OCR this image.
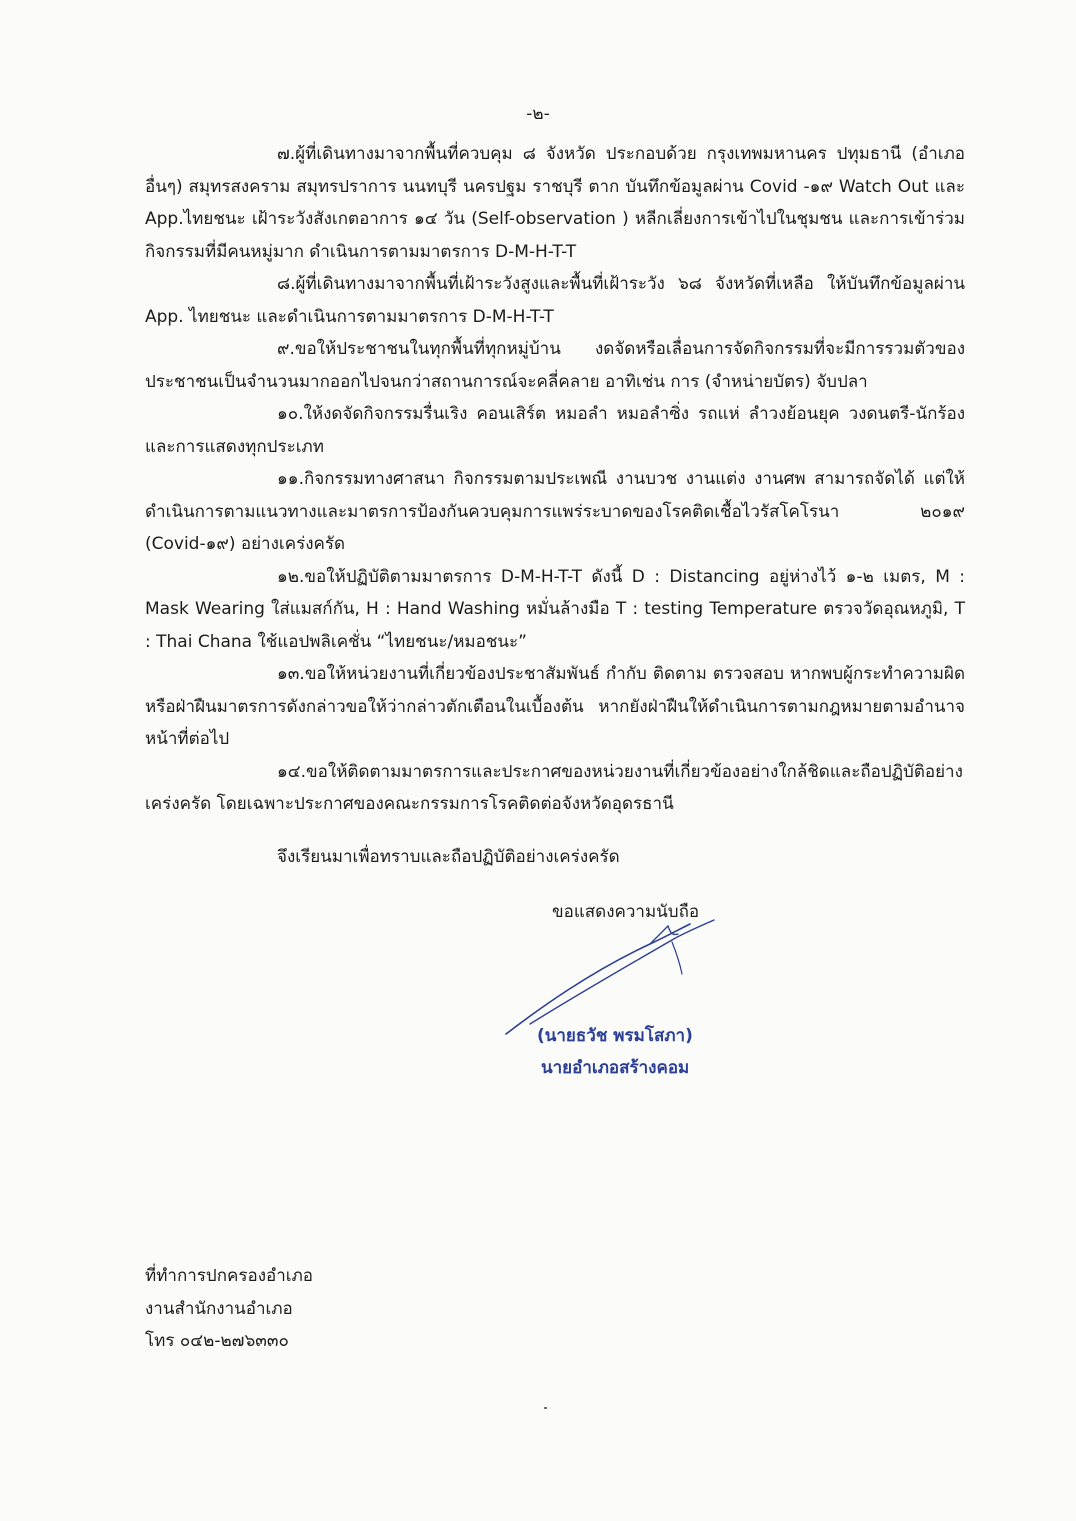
-๒-

๗.ผู้ที่เดินทางมาจากพื้นที่ควบคุม ๘ จังหวัด ประกอบด้วย กรุงเทพมหานคร ปทุมธานี (อำเภออื่นๆ) สมุทรสงคราม สมุทรปราการ นนทบุรี นครปฐม ราชบุรี ตาก บันทึกข้อมูลผ่าน Covid -๑๙ Watch Out และ App.ไทยชนะ เฝ้าระวังสังเกตอาการ ๑๔ วัน (Self-observation ) หลีกเลี่ยงการเข้าไปในชุมชน และการเข้าร่วมกิจกรรมที่มีคนหมู่มาก ดำเนินการตามมาตรการ D-M-H-T-T

๘.ผู้ที่เดินทางมาจากพื้นที่เฝ้าระวังสูงและพื้นที่เฝ้าระวัง ๖๘ จังหวัดที่เหลือ ให้บันทึกข้อมูลผ่าน App. ไทยชนะ และดำเนินการตามมาตรการ D-M-H-T-T

๙.ขอให้ประชาชนในทุกพื้นที่ทุกหมู่บ้าน งดจัดหรือเลื่อนการจัดกิจกรรมที่จะมีการรวมตัวของประชาชนเป็นจำนวนมากออกไปจนกว่าสถานการณ์จะคลี่คลาย อาทิเช่น การ (จำหน่ายบัตร) จับปลา

๑๐.ให้งดจัดกิจกรรมรื่นเริง คอนเสิร์ต หมอลำ หมอลำซิ่ง รถแห่ ลำวงย้อนยุค วงดนตรี-นักร้อง และการแสดงทุกประเภท

๑๑.กิจกรรมทางศาสนา กิจกรรมตามประเพณี งานบวช งานแต่ง งานศพ สามารถจัดได้ แต่ให้ดำเนินการตามแนวทางและมาตรการป้องกันควบคุมการแพร่ระบาดของโรคติดเชื้อไวรัสโคโรนา ๒๐๑๙ (Covid-๑๙) อย่างเคร่งครัด

๑๒.ขอให้ปฏิบัติตามมาตรการ D-M-H-T-T ดังนี้ D : Distancing อยู่ห่างไว้ ๑-๒ เมตร, M : Mask Wearing ใส่แมสก์กัน, H : Hand Washing หมั่นล้างมือ T : testing Temperature ตรวจวัดอุณหภูมิ, T : Thai Chana ใช้แอปพลิเคชั่น “ไทยชนะ/หมอชนะ”

๑๓.ขอให้หน่วยงานที่เกี่ยวข้องประชาสัมพันธ์ กำกับ ติดตาม ตรวจสอบ หากพบผู้กระทำความผิดหรือฝ่าฝืนมาตรการดังกล่าวขอให้ว่ากล่าวตักเตือนในเบื้องต้น หากยังฝ่าฝืนให้ดำเนินการตามกฎหมายตามอำนาจหน้าที่ต่อไป

๑๔.ขอให้ติดตามมาตรการและประกาศของหน่วยงานที่เกี่ยวข้องอย่างใกล้ชิดและถือปฏิบัติอย่างเคร่งครัด โดยเฉพาะประกาศของคณะกรรมการโรคติดต่อจังหวัดอุดรธานี

จึงเรียนมาเพื่อทราบและถือปฏิบัติอย่างเคร่งครัด
ขอแสดงความนับถือ
(นายธวัช พรมโสภา)
นายอำเภอสร้างคอม
ที่ทำการปกครองอำเภอ
งานสำนักงานอำเภอ
โทร ๐๔๒-๒๗๖๓๓๐
